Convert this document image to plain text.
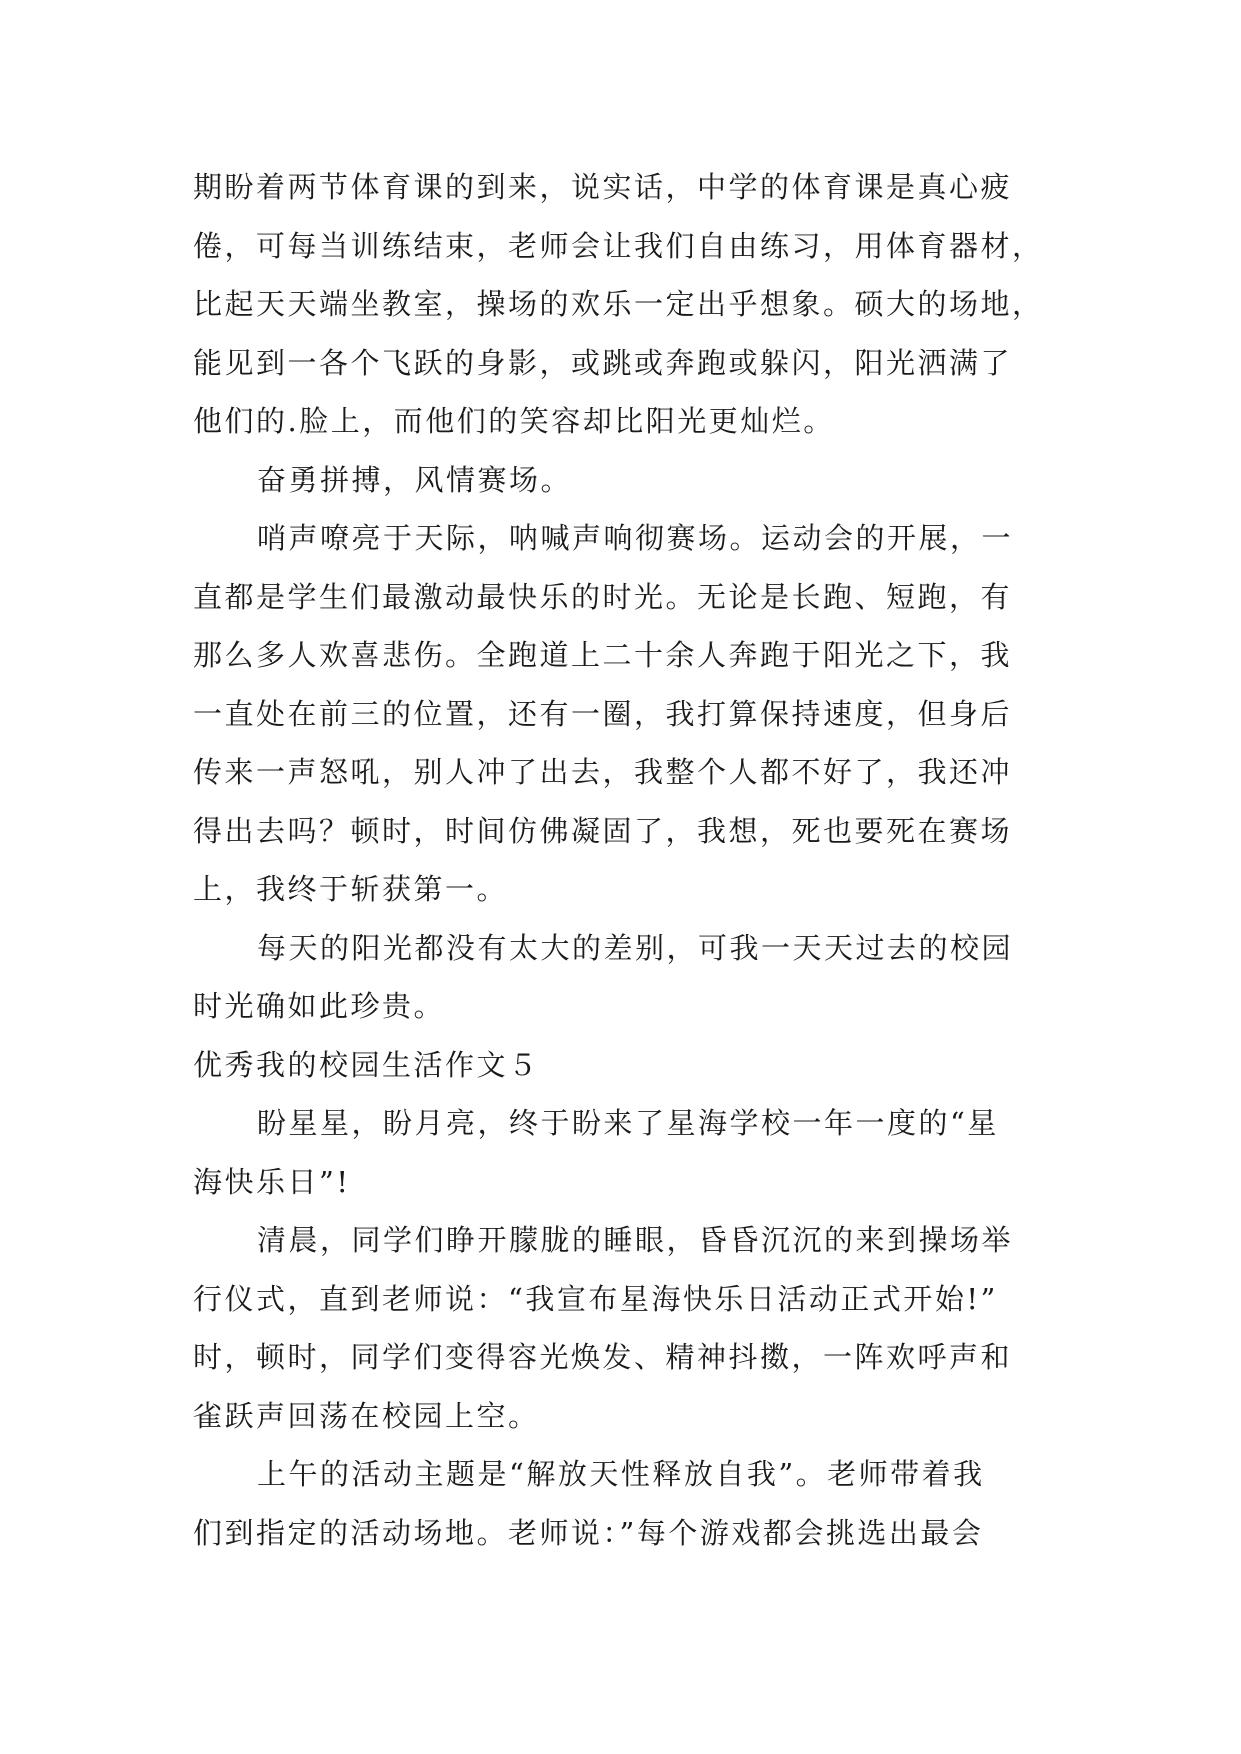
期盼着两节体育课的到来，说实话，中学的体育课是真心疲
倦，可每当训练结束，老师会让我们自由练习，用体育器材，
比起天天端坐教室，操场的欢乐一定出乎想象。硕大的场地，
能见到一各个飞跃的身影，或跳或奔跑或躲闪，阳光洒满了
他们的.脸上，而他们的笑容却比阳光更灿烂。
奋勇拼搏，风情赛场。
哨声嘹亮于天际，呐喊声响彻赛场。运动会的开展，一
直都是学生们最激动最快乐的时光。无论是长跑、短跑，有
那么多人欢喜悲伤。全跑道上二十余人奔跑于阳光之下，我
一直处在前三的位置，还有一圈，我打算保持速度，但身后
传来一声怒吼，别人冲了出去，我整个人都不好了，我还冲
得出去吗？顿时，时间仿佛凝固了，我想，死也要死在赛场
上，我终于斩获第一。
每天的阳光都没有太大的差别，可我一天天过去的校园
时光确如此珍贵。
优秀我的校园生活作文５
盼星星，盼月亮，终于盼来了星海学校一年一度的“星
海快乐日”!
清晨，同学们睁开朦胧的睡眼，昏昏沉沉的来到操场举
行仪式，直到老师说：“我宣布星海快乐日活动正式开始!”
时，顿时，同学们变得容光焕发、精神抖擞，一阵欢呼声和
雀跃声回荡在校园上空。
上午的活动主题是“解放天性释放自我”。老师带着我
们到指定的活动场地。老师说：”每个游戏都会挑选出最会
